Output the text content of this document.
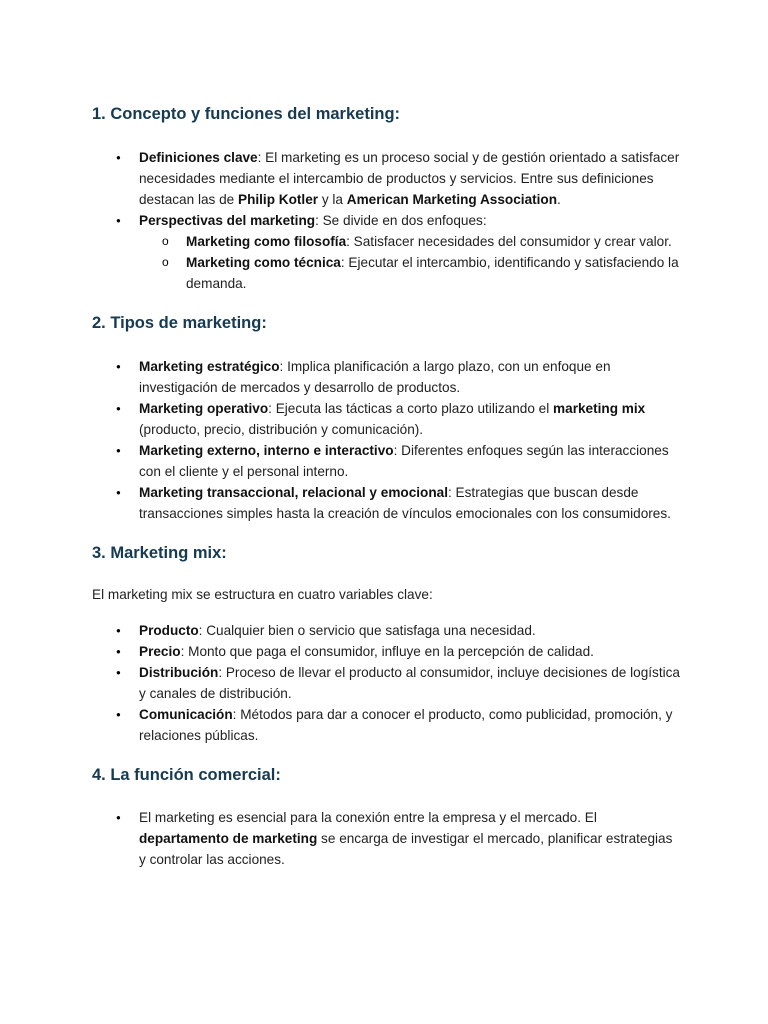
1. Concepto y funciones del marketing:
● Definiciones clave: El marketing es un proceso social y de gestión orientado a satisfacer necesidades mediante el intercambio de productos y servicios. Entre sus definiciones destacan las de Philip Kotler y la American Marketing Association.
● Perspectivas del marketing: Se divide en dos enfoques:
o Marketing como filosofía: Satisfacer necesidades del consumidor y crear valor.
o Marketing como técnica: Ejecutar el intercambio, identificando y satisfaciendo la demanda.
2. Tipos de marketing:
● Marketing estratégico: Implica planificación a largo plazo, con un enfoque en investigación de mercados y desarrollo de productos.
● Marketing operativo: Ejecuta las tácticas a corto plazo utilizando el marketing mix (producto, precio, distribución y comunicación).
● Marketing externo, interno e interactivo: Diferentes enfoques según las interacciones con el cliente y el personal interno.
● Marketing transaccional, relacional y emocional: Estrategias que buscan desde transacciones simples hasta la creación de vínculos emocionales con los consumidores.
3. Marketing mix:

El marketing mix se estructura en cuatro variables clave:

● Producto: Cualquier bien o servicio que satisfaga una necesidad.
● Precio: Monto que paga el consumidor, influye en la percepción de calidad.
● Distribución: Proceso de llevar el producto al consumidor, incluye decisiones de logística y canales de distribución.
● Comunicación: Métodos para dar a conocer el producto, como publicidad, promoción, y relaciones públicas.
4. La función comercial:
● El marketing es esencial para la conexión entre la empresa y el mercado. El departamento de marketing se encarga de investigar el mercado, planificar estrategias y controlar las acciones.
